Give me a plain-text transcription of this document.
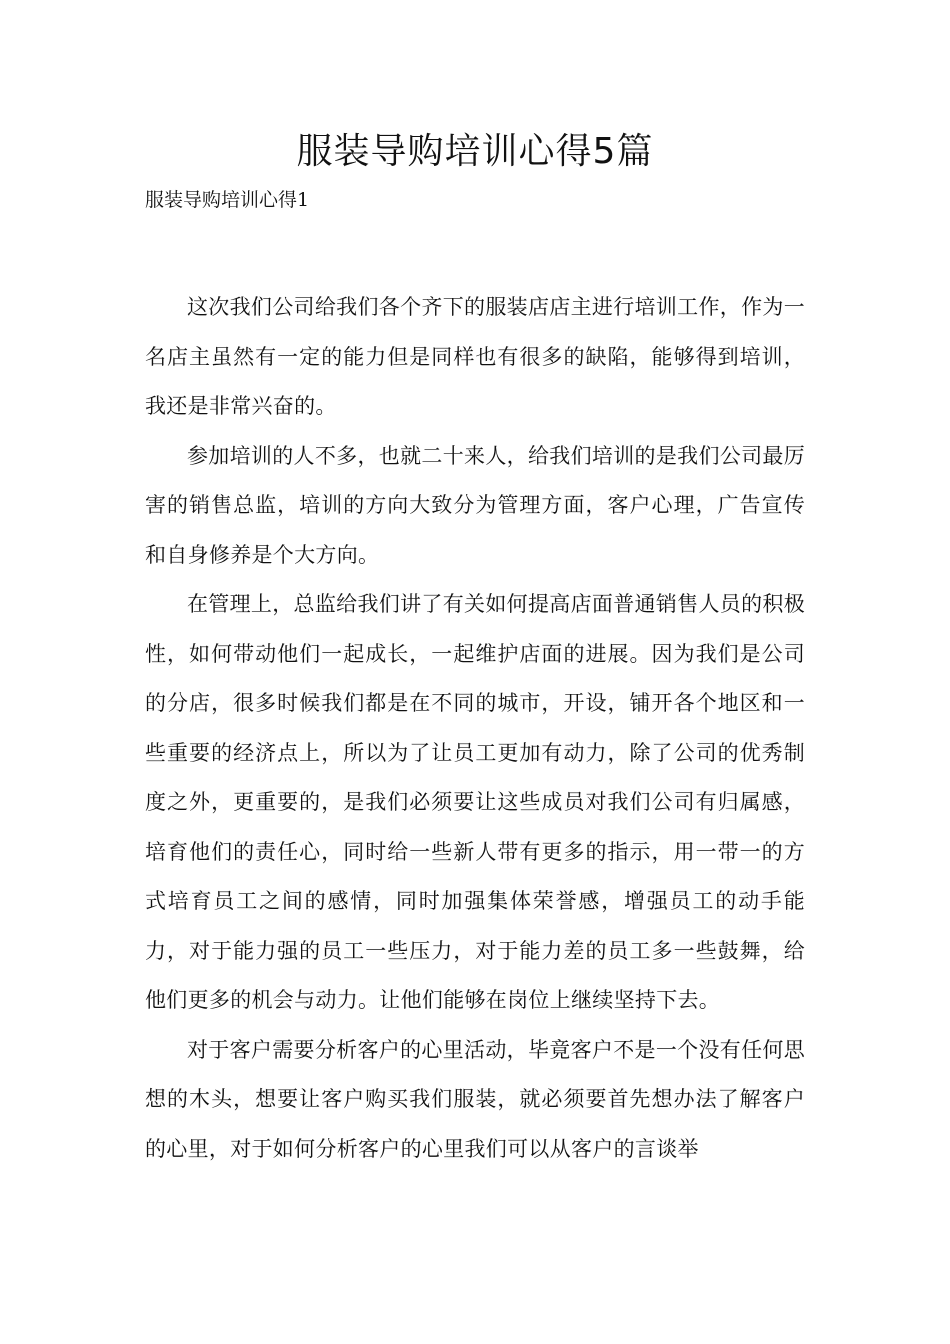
服装导购培训心得5篇

服装导购培训心得1

这次我们公司给我们各个齐下的服装店店主进行培训工作，作为一名店主虽然有一定的能力但是同样也有很多的缺陷，能够得到培训，我还是非常兴奋的。

参加培训的人不多，也就二十来人，给我们培训的是我们公司最厉害的销售总监，培训的方向大致分为管理方面，客户心理，广告宣传和自身修养是个大方向。

在管理上，总监给我们讲了有关如何提高店面普通销售人员的积极性，如何带动他们一起成长，一起维护店面的进展。因为我们是公司的分店，很多时候我们都是在不同的城市，开设，铺开各个地区和一些重要的经济点上，所以为了让员工更加有动力，除了公司的优秀制度之外，更重要的，是我们必须要让这些成员对我们公司有归属感，培育他们的责任心，同时给一些新人带有更多的指示，用一带一的方式培育员工之间的感情，同时加强集体荣誉感，增强员工的动手能力，对于能力强的员工一些压力，对于能力差的员工多一些鼓舞，给他们更多的机会与动力。让他们能够在岗位上继续坚持下去。

对于客户需要分析客户的心里活动，毕竟客户不是一个没有任何思想的木头，想要让客户购买我们服装，就必须要首先想办法了解客户的心里，对于如何分析客户的心里我们可以从客户的言谈举
